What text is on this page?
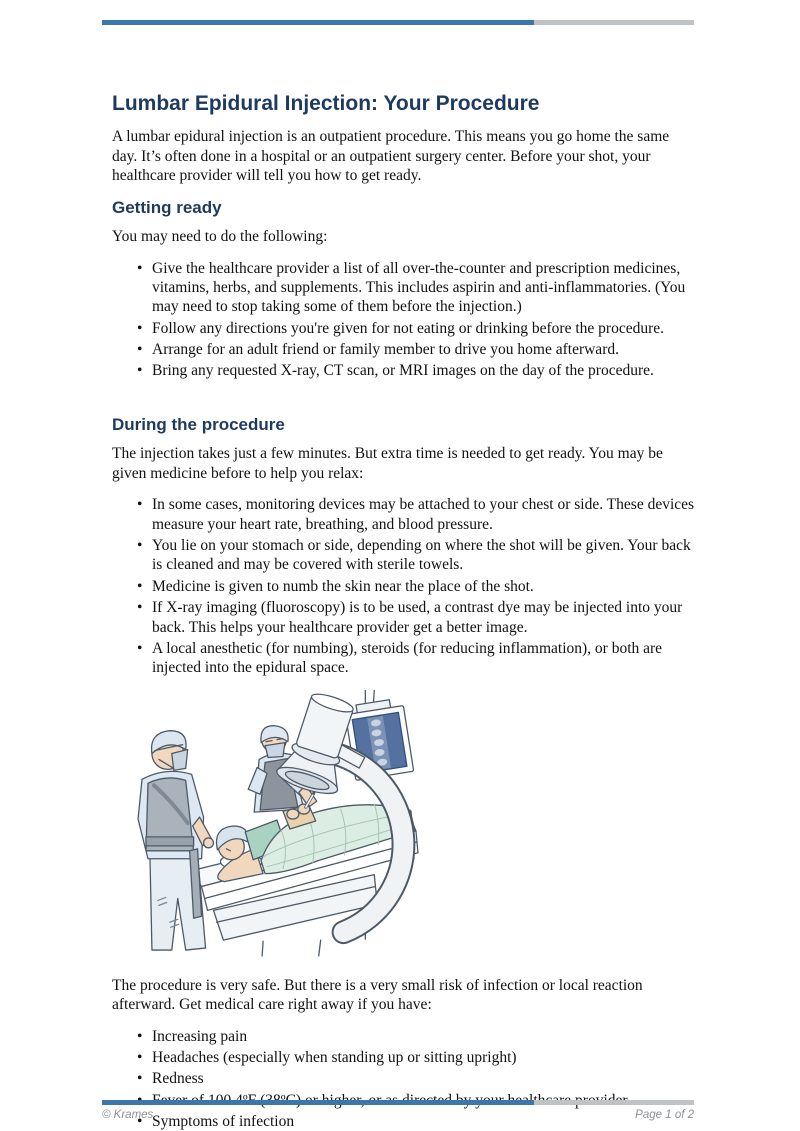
Lumbar Epidural Injection: Your Procedure

A lumbar epidural injection is an outpatient procedure. This means you go home the same day. It’s often done in a hospital or an outpatient surgery center. Before your shot, your healthcare provider will tell you how to get ready.

Getting ready

You may need to do the following:

• Give the healthcare provider a list of all over-the-counter and prescription medicines, vitamins, herbs, and supplements. This includes aspirin and anti-inflammatories. (You may need to stop taking some of them before the injection.)
• Follow any directions you're given for not eating or drinking before the procedure.
• Arrange for an adult friend or family member to drive you home afterward.
• Bring any requested X-ray, CT scan, or MRI images on the day of the procedure.
During the procedure

The injection takes just a few minutes. But extra time is needed to get ready. You may be given medicine before to help you relax:

• In some cases, monitoring devices may be attached to your chest or side. These devices measure your heart rate, breathing, and blood pressure.
• You lie on your stomach or side, depending on where the shot will be given. Your back is cleaned and may be covered with sterile towels.
• Medicine is given to numb the skin near the place of the shot.
• If X-ray imaging (fluoroscopy) is to be used, a contrast dye may be injected into your back. This helps your healthcare provider get a better image.
• A local anesthetic (for numbing), steroids (for reducing inflammation), or both are injected into the epidural space.

The procedure is very safe. But there is a very small risk of infection or local reaction afterward. Get medical care right away if you have:

• Increasing pain
• Headaches (especially when standing up or sitting upright)
• Redness
•
• Symptoms of infection
© Krames	Page 1 of 2
